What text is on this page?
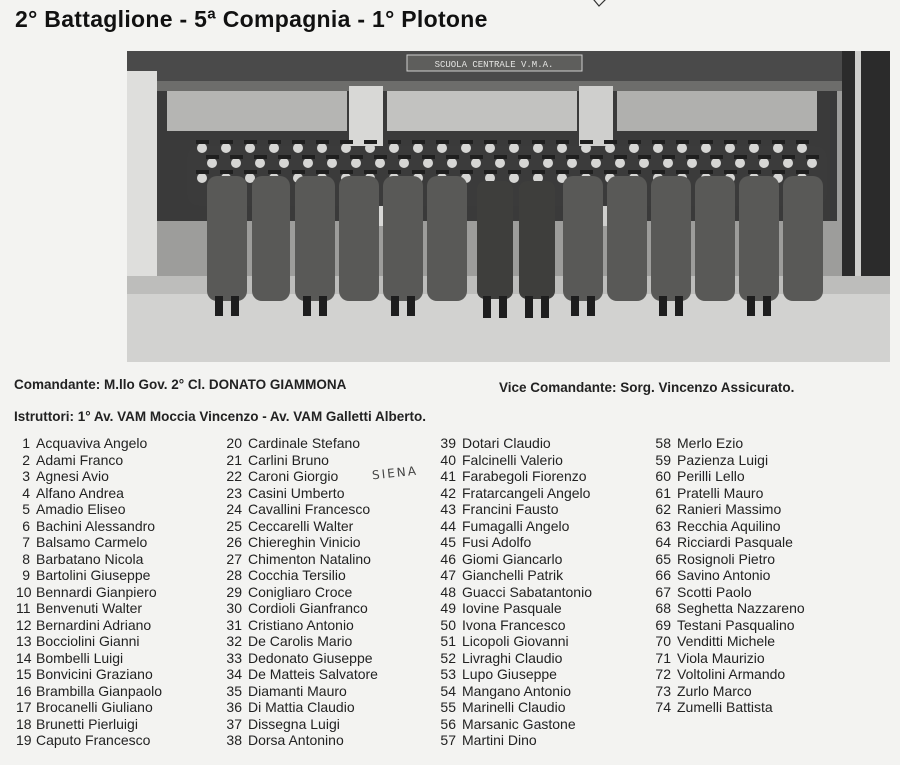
2° Battaglione - 5ª Compagnia - 1° Plotone
SCUOLA CENTRALE V.M.A.
Comandante: M.llo Gov. 2° Cl. DONATO GIAMMONA	Vice Comandante: Sorg. Vincenzo Assicurato.
Istruttori: 1° Av. VAM Moccia Vincenzo - Av. VAM Galletti Alberto.
1 Acquaviva Angelo
2 Adami Franco
3 Agnesi Avio
4 Alfano Andrea
5 Amadio Eliseo
6 Bachini Alessandro
7 Balsamo Carmelo
8 Barbatano Nicola
9 Bartolini Giuseppe
10 Bennardi Gianpiero
11 Benvenuti Walter
12 Bernardini Adriano
13 Bocciolini Gianni
14 Bombelli Luigi
15 Bonvicini Graziano
16 Brambilla Gianpaolo
17 Brocanelli Giuliano
18 Brunetti Pierluigi
19 Caputo Francesco
20 Cardinale Stefano
21 Carlini Bruno
22 Caroni Giorgio
23 Casini Umberto
24 Cavallini Francesco
25 Ceccarelli Walter
26 Chiereghin Vinicio
27 Chimenton Natalino
28 Cocchia Tersilio
29 Conigliaro Croce
30 Cordioli Gianfranco
31 Cristiano Antonio
32 De Carolis Mario
33 Dedonato Giuseppe
34 De Matteis Salvatore
35 Diamanti Mauro
36 Di Mattia Claudio
37 Dissegna Luigi
38 Dorsa Antonino
39 Dotari Claudio
40 Falcinelli Valerio
41 Farabegoli Fiorenzo
42 Fratarcangeli Angelo
43 Francini Fausto
44 Fumagalli Angelo
45 Fusi Adolfo
46 Giomi Giancarlo
47 Gianchelli Patrik
48 Guacci Sabatantonio
49 Iovine Pasquale
50 Ivona Francesco
51 Licopoli Giovanni
52 Livraghi Claudio
53 Lupo Giuseppe
54 Mangano Antonio
55 Marinelli Claudio
56 Marsanic Gastone
57 Martini Dino
58 Merlo Ezio
59 Pazienza Luigi
60 Perilli Lello
61 Pratelli Mauro
62 Ranieri Massimo
63 Recchia Aquilino
64 Ricciardi Pasquale
65 Rosignoli Pietro
66 Savino Antonio
67 Scotti Paolo
68 Seghetta Nazzareno
69 Testani Pasqualino
70 Venditti Michele
71 Viola Maurizio
72 Voltolini Armando
73 Zurlo Marco
74 Zumelli Battista
SIENA
